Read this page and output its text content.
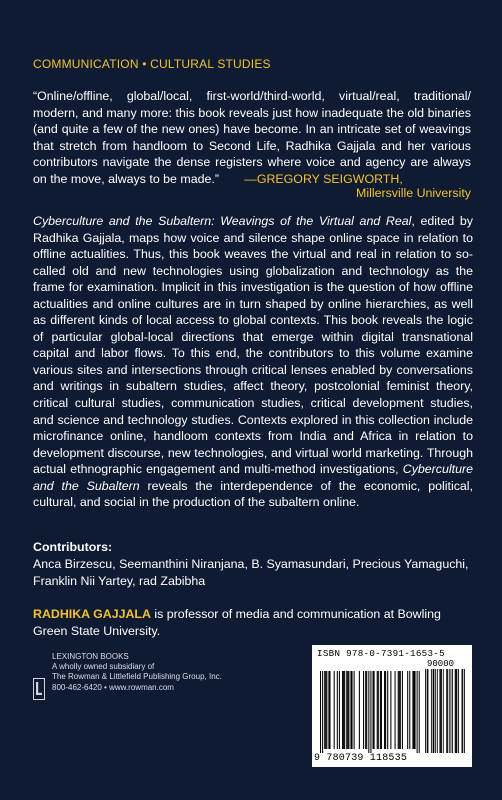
COMMUNICATION • CULTURAL STUDIES

“Online/offline, global/local, first-world/third-world, virtual/real, traditional/ modern, and many more: this book reveals just how inadequate the old binaries (and quite a few of the new ones) have become. In an intricate set of weavings that stretch from handloom to Second Life, Radhika Gajjala and her various contributors navigate the dense registers where voice and agency are always on the move, always to be made.” —GREGORY SEIGWORTH,

Millersville University

Cyberculture and the Subaltern: Weavings of the Virtual and Real, edited by Radhika Gajjala, maps how voice and silence shape online space in relation to offline actualities. Thus, this book weaves the virtual and real in relation to so-called old and new technologies using globalization and technology as the frame for examination. Implicit in this investigation is the question of how offline actualities and online cultures are in turn shaped by online hierarchies, as well as different kinds of local access to global contexts. This book reveals the logic of particular global-local directions that emerge within digital transnational capital and labor flows. To this end, the contributors to this volume examine various sites and intersections through critical lenses enabled by conversations and writings in subaltern studies, affect theory, postcolonial feminist theory, critical cultural studies, communication studies, critical development studies, and science and technology studies. Contexts explored in this collection include microfinance online, handloom contexts from India and Africa in relation to development discourse, new technologies, and virtual world marketing. Through actual ethnographic engagement and multi-method investigations, Cyberculture and the Subaltern reveals the interdependence of the economic, political, cultural, and social in the production of the subaltern online.

Contributors:
Anca Birzescu, Seemanthini Niranjana, B. Syamasundari, Precious Yamaguchi, Franklin Nii Yartey, rad Zabibha

RADHIKA GAJJALA is professor of media and communication at Bowling Green State University.

LEXINGTON BOOKS
A wholly owned subsidiary of
The Rowman & Littlefield Publishing Group, Inc.
800-462-6420 • www.rowman.com
ISBN 978-0-7391-1653-5
90000
9 780739 118535
